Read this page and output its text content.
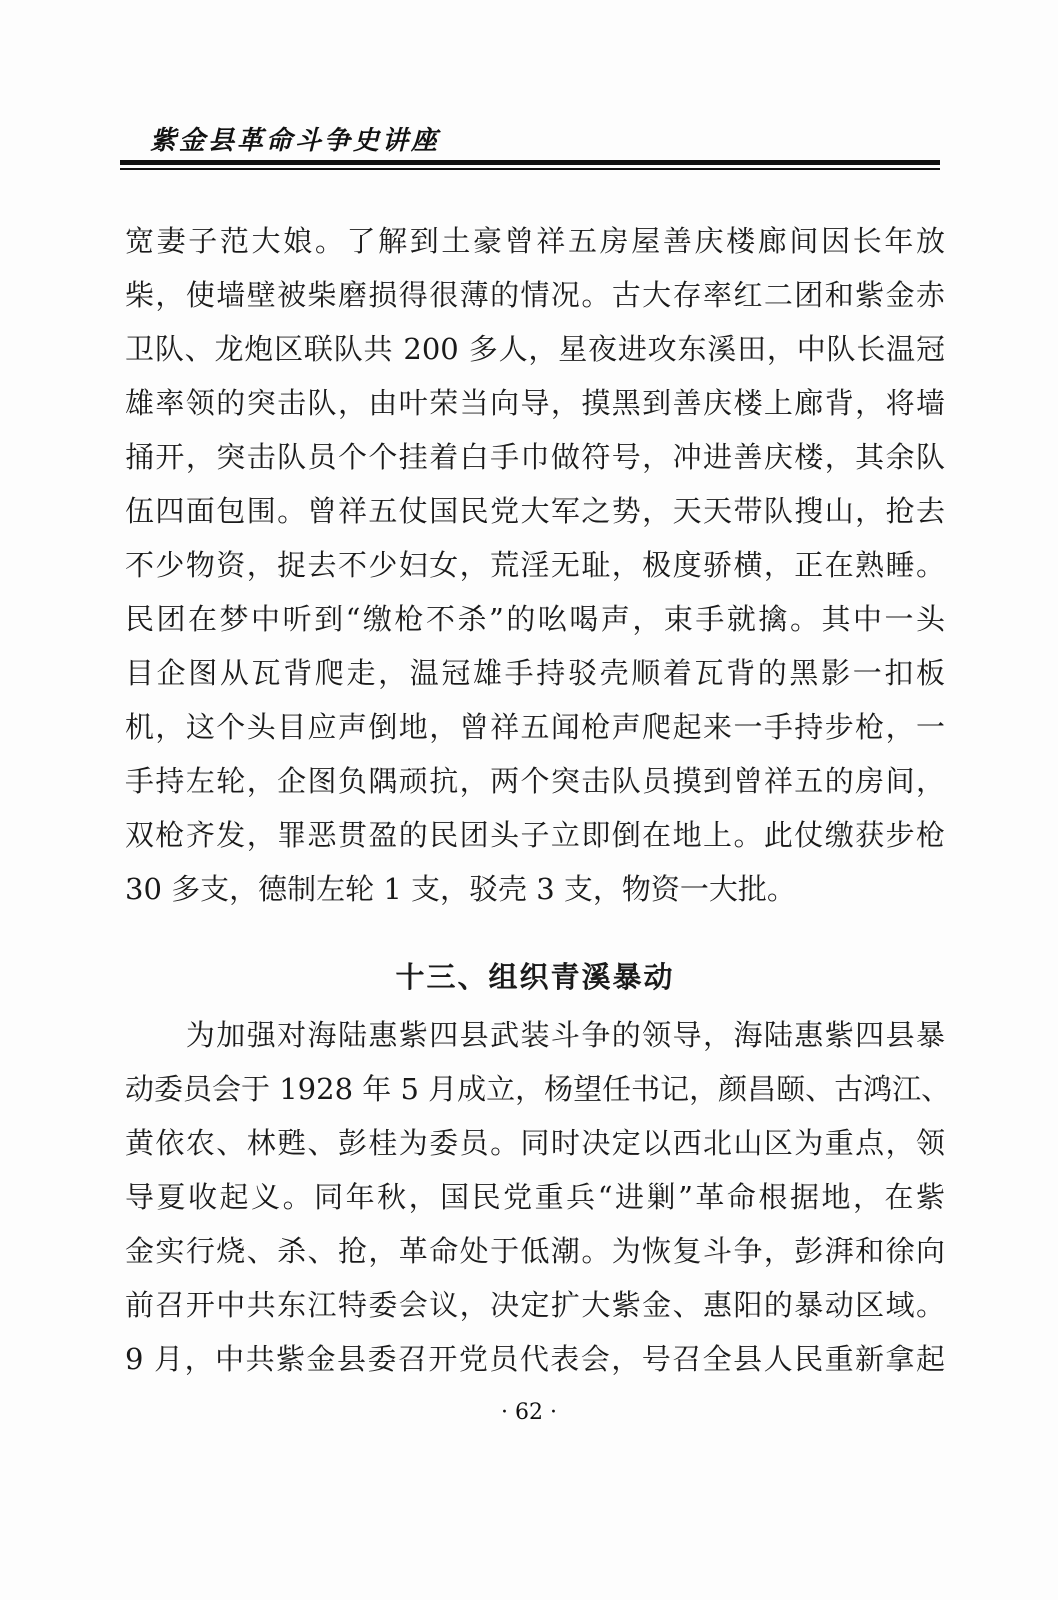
紫金县革命斗争史讲座
宽妻子范大娘。了解到土豪曾祥五房屋善庆楼廊间因长年放
柴，使墙壁被柴磨损得很薄的情况。古大存率红二团和紫金赤
卫队、龙炮区联队共 200 多人，星夜进攻东溪田，中队长温冠
雄率领的突击队，由叶荣当向导，摸黑到善庆楼上廊背，将墙
捅开，突击队员个个挂着白手巾做符号，冲进善庆楼，其余队
伍四面包围。曾祥五仗国民党大军之势，天天带队搜山，抢去
不少物资，捉去不少妇女，荒淫无耻，极度骄横，正在熟睡。
民团在梦中听到“缴枪不杀”的吆喝声，束手就擒。其中一头
目企图从瓦背爬走，温冠雄手持驳壳顺着瓦背的黑影一扣板
机，这个头目应声倒地，曾祥五闻枪声爬起来一手持步枪，一
手持左轮，企图负隅顽抗，两个突击队员摸到曾祥五的房间，
双枪齐发，罪恶贯盈的民团头子立即倒在地上。此仗缴获步枪
30 多支，德制左轮 1 支，驳壳 3 支，物资一大批。
十三、组织青溪暴动
　　为加强对海陆惠紫四县武装斗争的领导，海陆惠紫四县暴
动委员会于 1928 年 5 月成立，杨望任书记，颜昌颐、古鸿江、
黄依农、林甦、彭桂为委员。同时决定以西北山区为重点，领
导夏收起义。同年秋，国民党重兵“进剿”革命根据地，在紫
金实行烧、杀、抢，革命处于低潮。为恢复斗争，彭湃和徐向
前召开中共东江特委会议，决定扩大紫金、惠阳的暴动区域。
9 月，中共紫金县委召开党员代表会，号召全县人民重新拿起
· 62 ·
